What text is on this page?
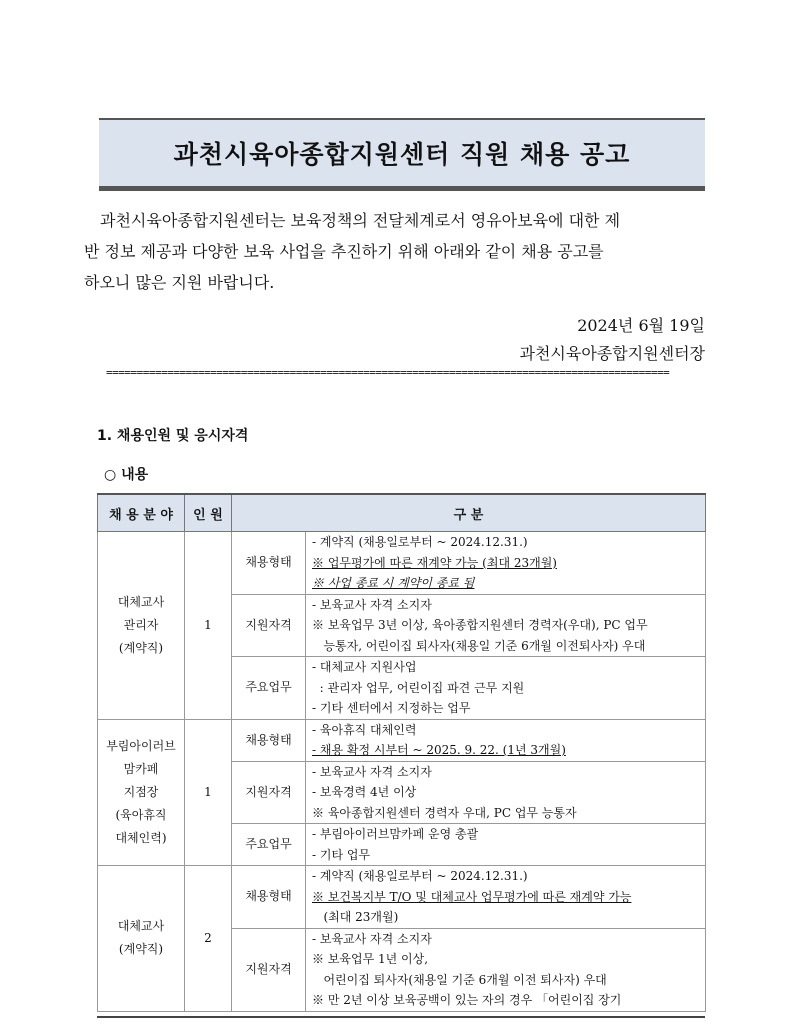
과천시육아종합지원센터 직원 채용 공고
과천시육아종합지원센터는 보육정책의 전달체계로서 영유아보육에 대한 제
반 정보 제공과 다양한 보육 사업을 추진하기 위해 아래와 같이 채용 공고를
하오니 많은 지원 바랍니다.
2024년 6월 19일
과천시육아종합지원센터장
============================================================================================
1. 채용인원 및 응시자격
○ 내용
채 용 분 야	인 원	구 분	

대체교사
관리자
(계약직)	1	채용형태	- 계약직 (채용일로부터 ~ 2024.12.31.)
※ 업무평가에 따른 재계약 가능 (최대 23개월)
※ 사업 종료 시 계약이 종료 됨

		지원자격	- 보육교사 자격 소지자
※ 보육업무 3년 이상, 육아종합지원센터 경력자(우대), PC 업무
능통자, 어린이집 퇴사자(채용일 기준 6개월 이전퇴사자) 우대

		주요업무	- 대체교사 지원사업
: 관리자 업무, 어린이집 파견 근무 지원
- 기타 센터에서 지정하는 업무

부림아이러브
맘카페
지점장
(육아휴직
대체인력)	1	채용형태	- 육아휴직 대체인력
- 채용 확정 시부터 ~ 2025. 9. 22. (1년 3개월)

		지원자격	- 보육교사 자격 소지자
- 보육경력 4년 이상
※ 육아종합지원센터 경력자 우대, PC 업무 능통자

		주요업무	- 부림아이러브맘카페 운영 총괄
- 기타 업무

대체교사
(계약직)	2	채용형태	- 계약직 (채용일로부터 ~ 2024.12.31.)
※ 보건복지부 T/O 및 대체교사 업무평가에 따른 재계약 가능
(최대 23개월)

		지원자격	- 보육교사 자격 소지자
※ 보육업무 1년 이상,
어린이집 퇴사자(채용일 기준 6개월 이전 퇴사자) 우대
※ 만 2년 이상 보육공백이 있는 자의 경우 「어린이집 장기
